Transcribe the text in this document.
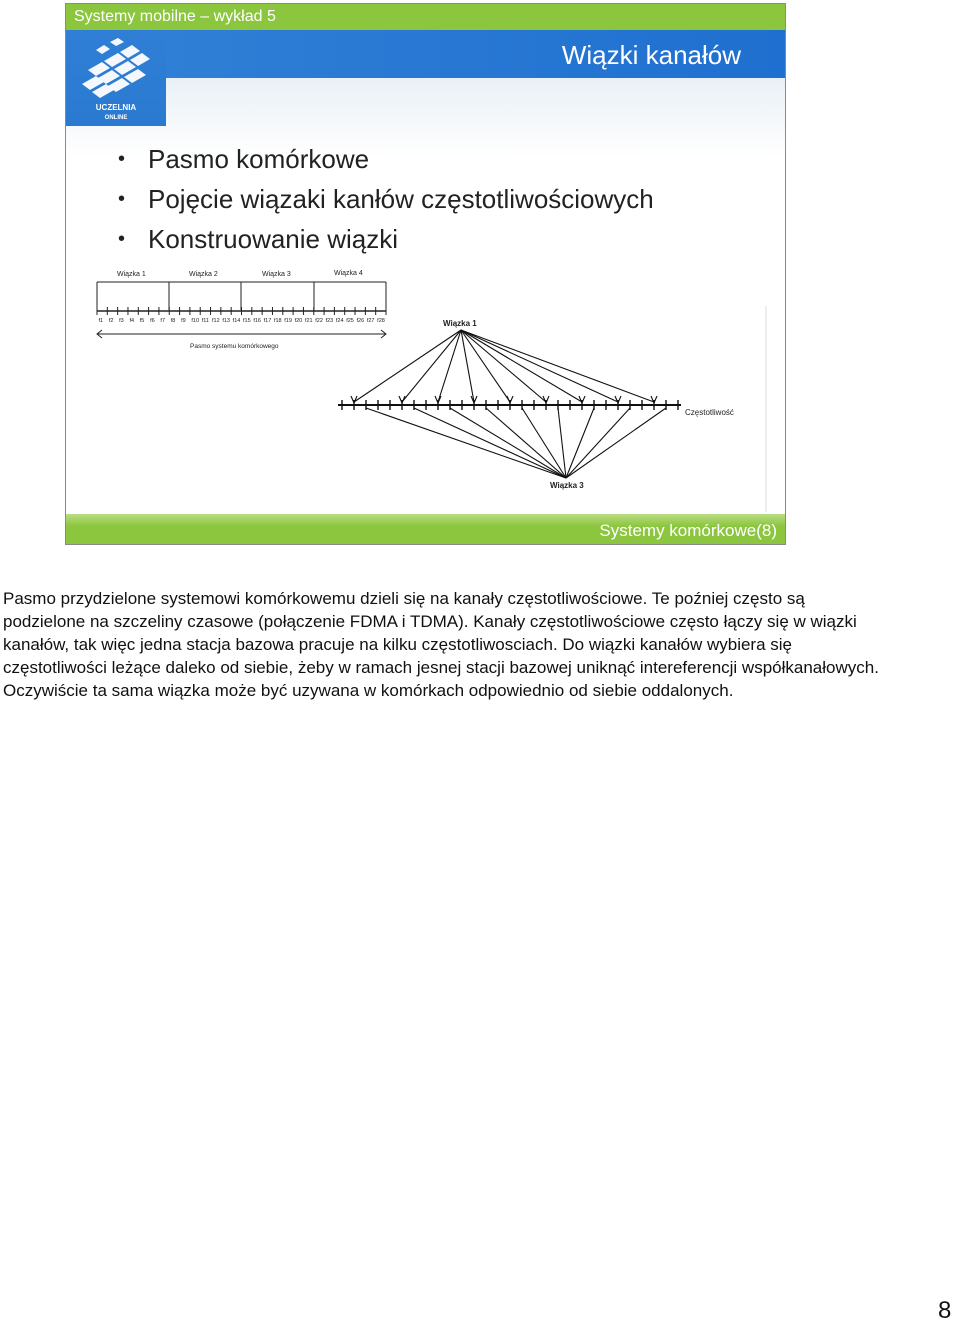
Systemy mobilne – wykład 5
UCZELNIA
ONLINE
Wiązki kanałów
• Pasmo komórkowe
• Pojęcie wiązaki kanłów częstotliwościowych
• Konstruowanie wiązki
Wiązka 1	Wiązka 2	Wiązka 3	Wiązka 4
Pasmo systemu komórkowego
f1 f2 f3 f4 f5 f6 f7 f8 f9 f10 f11 f12 f13 f14 f15 f16 f17 f18 f19 f20 f21 f22 f23 f24 f25 f26 f27 f28	Wiązka 1
Wiązka 3
Częstotliwość
Systemy komórkowe(8)

Pasmo przydzielone systemowi komórkowemu dzieli się na kanały częstotliwościowe. Te poźniej często są podzielone na szczeliny czasowe (połączenie FDMA i TDMA). Kanały częstotliwościowe często łączy się w wiązki kanałów, tak więc jedna stacja bazowa pracuje na kilku częstotliwosciach. Do wiązki kanałów wybiera się częstotliwości leżące daleko od siebie, żeby w ramach jesnej stacji bazowej uniknąć intereferencji współkanałowych. Oczywiście ta sama wiązka może być uzywana w komórkach odpowiednio od siebie oddalonych.

8
